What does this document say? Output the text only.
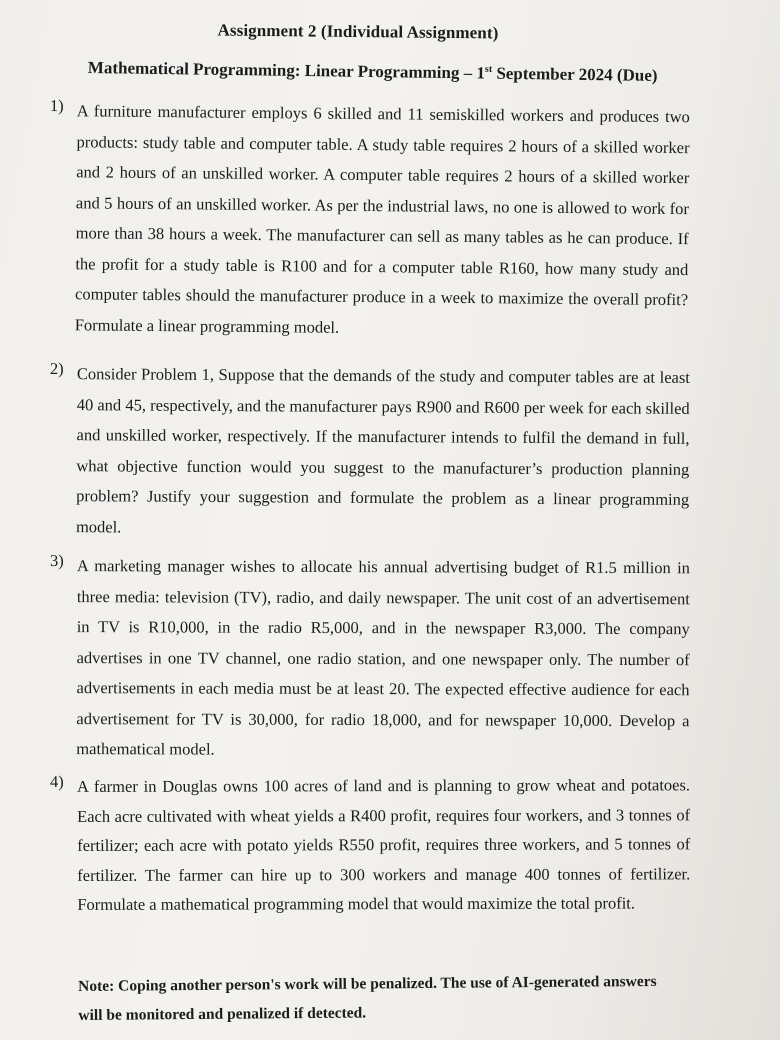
Assignment 2 (Individual Assignment)
Mathematical Programming: Linear Programming – 1st September 2024 (Due)
1) A furniture manufacturer employs 6 skilled and 11 semiskilled workers and produces two products: study table and computer table. A study table requires 2 hours of a skilled worker and 2 hours of an unskilled worker. A computer table requires 2 hours of a skilled worker and 5 hours of an unskilled worker. As per the industrial laws, no one is allowed to work for more than 38 hours a week. The manufacturer can sell as many tables as he can produce. If the profit for a study table is R100 and for a computer table R160, how many study and computer tables should the manufacturer produce in a week to maximize the overall profit? Formulate a linear programming model.
2) Consider Problem 1, Suppose that the demands of the study and computer tables are at least 40 and 45, respectively, and the manufacturer pays R900 and R600 per week for each skilled and unskilled worker, respectively. If the manufacturer intends to fulfil the demand in full, what objective function would you suggest to the manufacturer’s production planning problem? Justify your suggestion and formulate the problem as a linear programming model.
3) A marketing manager wishes to allocate his annual advertising budget of R1.5 million in three media: television (TV), radio, and daily newspaper. The unit cost of an advertisement in TV is R10,000, in the radio R5,000, and in the newspaper R3,000. The company advertises in one TV channel, one radio station, and one newspaper only. The number of advertisements in each media must be at least 20. The expected effective audience for each advertisement for TV is 30,000, for radio 18,000, and for newspaper 10,000. Develop a mathematical model.
4) A farmer in Douglas owns 100 acres of land and is planning to grow wheat and potatoes. Each acre cultivated with wheat yields a R400 profit, requires four workers, and 3 tonnes of fertilizer; each acre with potato yields R550 profit, requires three workers, and 5 tonnes of fertilizer. The farmer can hire up to 300 workers and manage 400 tonnes of fertilizer. Formulate a mathematical programming model that would maximize the total profit.
Note: Coping another person's work will be penalized. The use of AI-generated answers will be monitored and penalized if detected.
